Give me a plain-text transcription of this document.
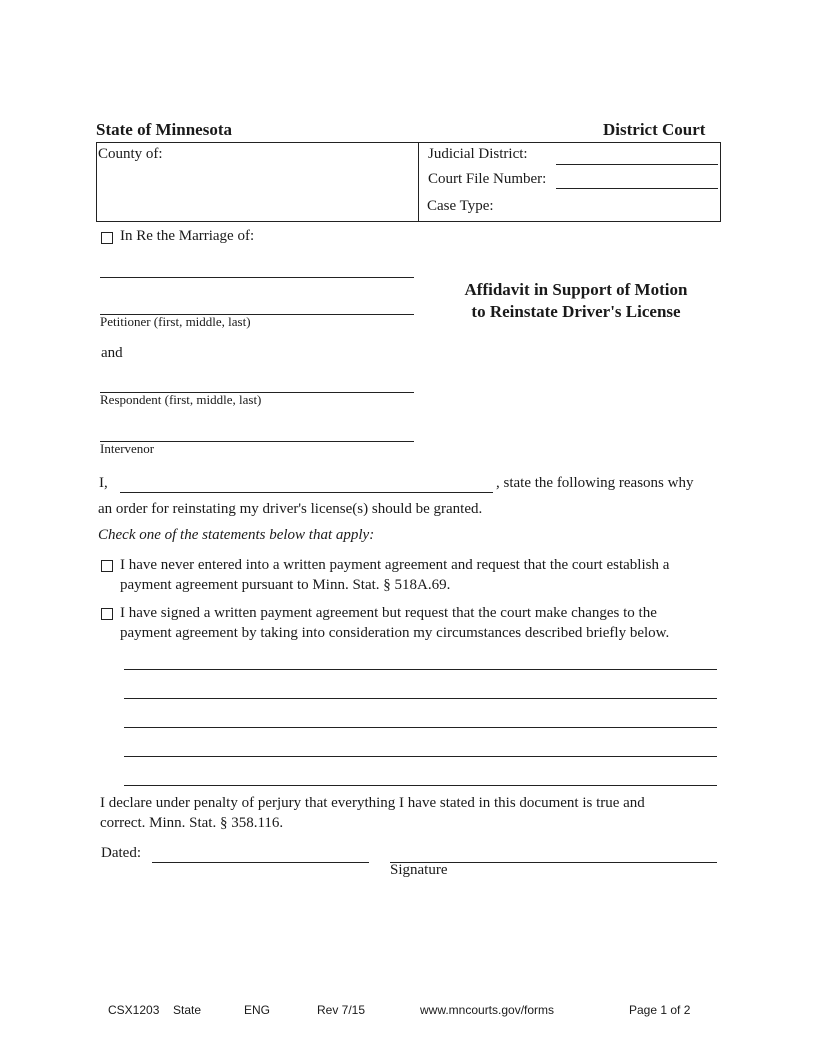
State of Minnesota	District Court
County of:	Judicial District:
Court File Number:
Case Type:
In Re the Marriage of:
Petitioner (first, middle, last)
and
Respondent (first, middle, last)
Intervenor
Affidavit in Support of Motion
to Reinstate Driver's License
I,	, state the following reasons why
an order for reinstating my driver's license(s) should be granted.
Check one of the statements below that apply:
I have never entered into a written payment agreement and request that the court establish a
payment agreement pursuant to Minn. Stat. § 518A.69.
I have signed a written payment agreement but request that the court make changes to the
payment agreement by taking into consideration my circumstances described briefly below.
I declare under penalty of perjury that everything I have stated in this document is true and
correct. Minn. Stat. § 358.116.
Dated:
Signature
CSX1203 State	ENG	Rev 7/15	www.mncourts.gov/forms	Page 1 of 2
